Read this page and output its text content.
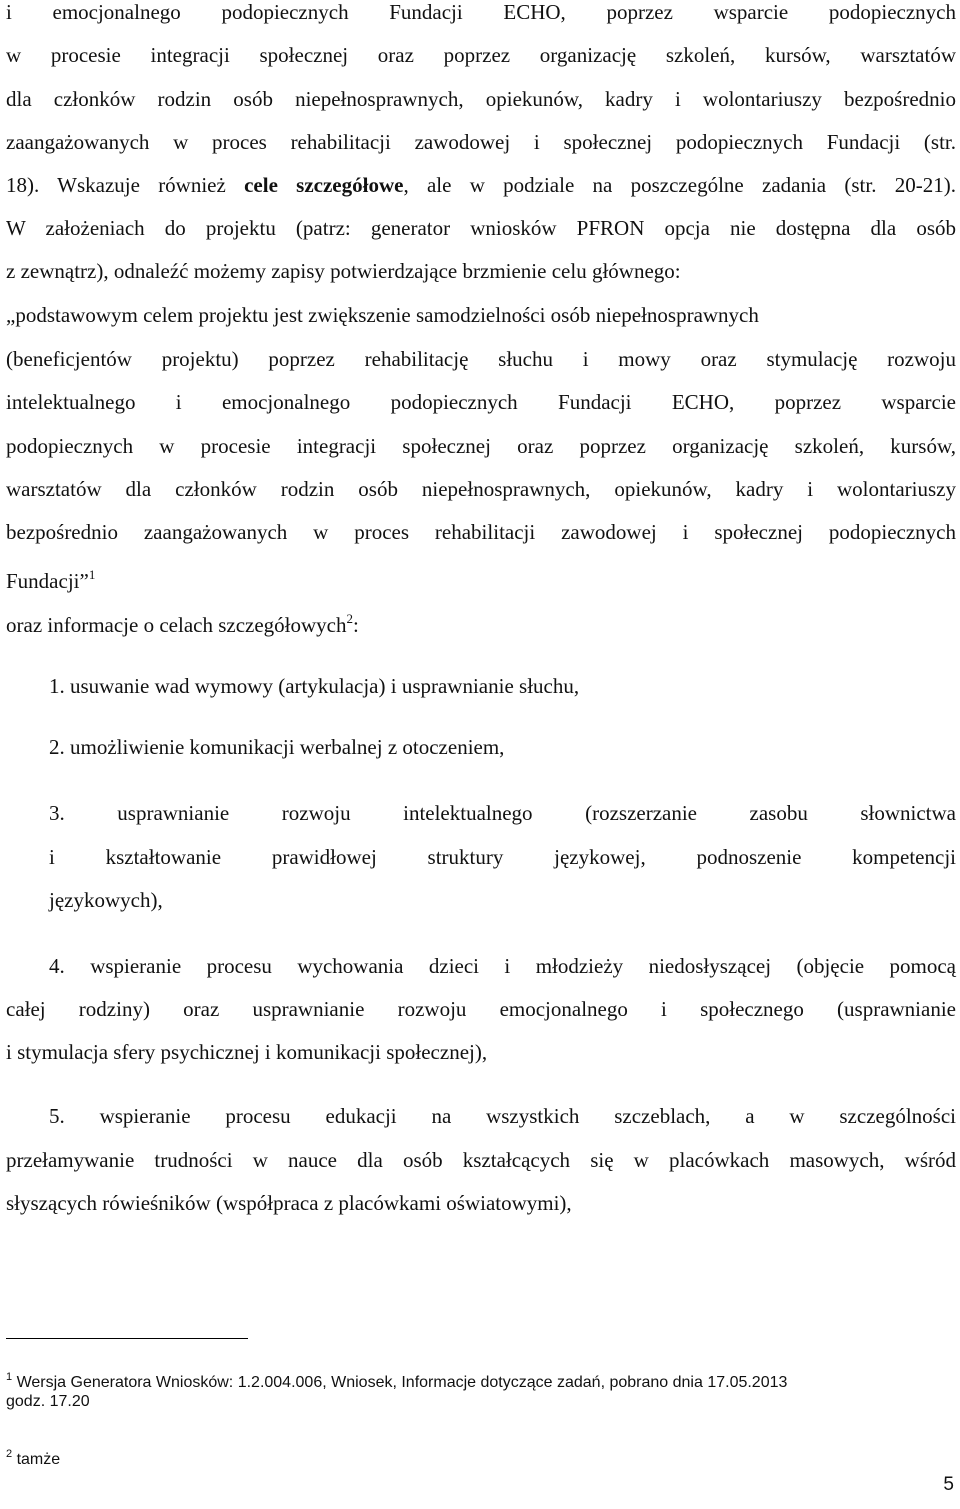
i emocjonalnego podopiecznych Fundacji ECHO, poprzez wsparcie podopiecznych
w procesie integracji społecznej oraz poprzez organizację szkoleń, kursów, warsztatów
dla członków rodzin osób niepełnosprawnych, opiekunów, kadry i wolontariuszy bezpośrednio
zaangażowanych w proces rehabilitacji zawodowej i społecznej podopiecznych Fundacji (str.
18). Wskazuje również cele szczegółowe, ale w podziale na poszczególne zadania (str. 20-21).
W założeniach do projektu (patrz: generator wniosków PFRON opcja nie dostępna dla osób
z zewnątrz), odnaleźć możemy zapisy potwierdzające brzmienie celu głównego:
„podstawowym celem projektu jest zwiększenie samodzielności osób niepełnosprawnych
(beneficjentów projektu) poprzez rehabilitację słuchu i mowy oraz stymulację rozwoju
intelektualnego i emocjonalnego podopiecznych Fundacji ECHO, poprzez wsparcie
podopiecznych w procesie integracji społecznej oraz poprzez organizację szkoleń, kursów,
warsztatów dla członków rodzin osób niepełnosprawnych, opiekunów, kadry i wolontariuszy
bezpośrednio zaangażowanych w proces rehabilitacji zawodowej i społecznej podopiecznych
Fundacji”$^1$
oraz informacje o celach szczegółowych$^2$:
1. usuwanie wad wymowy (artykulacja) i usprawnianie słuchu,
2. umożliwienie komunikacji werbalnej z otoczeniem,
3.	usprawnianie rozwoju intelektualnego (rozszerzanie zasobu słownictwa
i kształtowanie prawidłowej struktury językowej, podnoszenie kompetencji
językowych),
4. wspieranie procesu wychowania dzieci i młodzieży niedosłyszącej (objęcie pomocą
całej rodziny) oraz usprawnianie rozwoju emocjonalnego i społecznego (usprawnianie
i stymulacja sfery psychicznej i komunikacji społecznej),
5. wspieranie procesu edukacji na wszystkich szczeblach, a w szczególności
przełamywanie trudności w nauce dla osób kształcących się w placówkach masowych, wśród
słyszących rówieśników (współpraca z placówkami oświatowymi),
$^1$ Wersja Generatora Wniosków: 1.2.004.006, Wniosek, Informacje dotyczące zadań, pobrano dnia 17.05.2013
godz. 17.20
$^2$ tamże
5
